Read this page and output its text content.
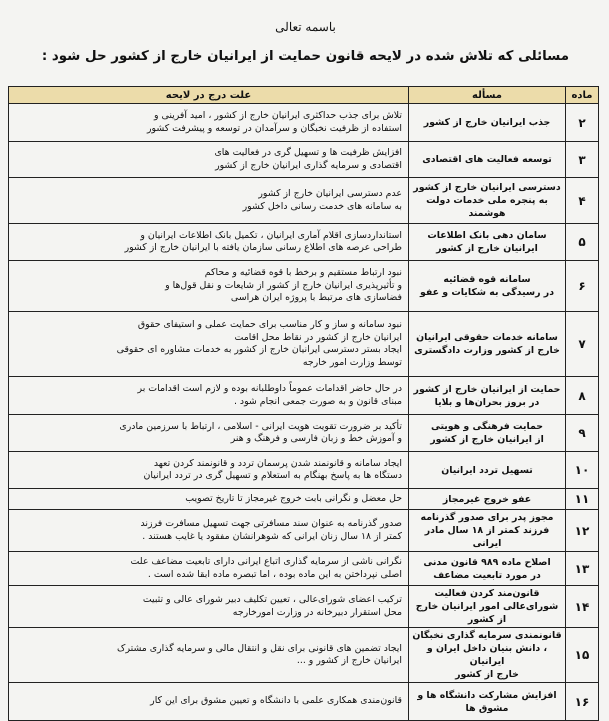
باسمه تعالی
مسائلی که تلاش شده در لایحه قانون حمایت از ایرانیان خارج از کشور حل شود :
ماده	مسأله	علت درج در لایحه
۲	جذب ایرانیان خارج از کشور	تلاش برای جذب حداکثری ایرانیان خارج از کشور ، امید آفرینی و
استفاده از ظرفیت نخبگان و سرآمدان در توسعه و پیشرفت کشور
۳	توسعه فعالیت های اقتصادی	افزایش ظرفیت ها و تسهیل گری در فعالیت های
اقتصادی و سرمایه گذاری ایرانیان خارج از کشور
۴	دسترسی ایرانیان خارج از کشور
به پنجره ملی خدمات دولت
هوشمند	عدم دسترسی ایرانیان خارج از کشور
به سامانه های خدمت رسانی داخل کشور
۵	سامان دهی بانک اطلاعات
ایرانیان خارج از کشور	استانداردسازی اقلام آماری ایرانیان ، تکمیل بانک اطلاعات ایرانیان و
طراحی عرصه های اطلاع رسانی سازمان یافته با ایرانیان خارج از کشور
۶	سامانه قوه قضائیه
در رسیدگی به شکایات و عفو	نبود ارتباط مستقیم و برخط با قوه قضائیه و محاکم
و تأثیرپذیری ایرانیان خارج از کشور از شایعات و نقل قول‌ها و
فضاسازی های مرتبط با پروژه ایران هراسی
۷	سامانه خدمات حقوقی ایرانیان
خارج از کشور وزارت دادگستری	نبود سامانه و ساز و کار مناسب برای حمایت عملی و استیفای حقوق
ایرانیان خارج از کشور در نقاط محل اقامت
ایجاد بستر دسترسی ایرانیان خارج از کشور به خدمات مشاوره ای حقوقی
توسط وزارت امور خارجه
۸	حمایت از ایرانیان خارج از کشور
در بروز بحران‌ها و بلایا	در حال حاضر اقدامات عموماً داوطلبانه بوده و لازم است اقدامات بر
مبنای قانون و به صورت جمعی انجام شود .
۹	حمایت فرهنگی و هویتی
از ایرانیان خارج از کشور	تأکید بر ضرورت تقویت هویت ایرانی - اسلامی ، ارتباط با سرزمین مادری
و آموزش خط و زبان فارسی و فرهنگ و هنر
۱۰	تسهیل تردد ایرانیان	ایجاد سامانه و قانونمند شدن پرسمان تردد و قانونمند کردن تعهد
دستگاه ها به پاسخ بهنگام به استعلام و تسهیل گری در تردد ایرانیان
۱۱	عفو خروج غیرمجاز	حل معضل و نگرانی بابت خروج غیرمجاز تا تاریخ تصویب
۱۲	مجوز پدر برای صدور گذرنامه
فرزند کمتر از ۱۸ سال مادر ایرانی	صدور گذرنامه به عنوان سند مسافرتی جهت تسهیل مسافرت فرزند
کمتر از ۱۸ سال زنان ایرانی که شوهرانشان مفقود یا غایب هستند .
۱۳	اصلاح ماده ۹۸۹ قانون مدنی
در مورد تابعیت مضاعف	نگرانی ناشی از سرمایه گذاری اتباع ایرانی دارای تابعیت مضاعف علت
اصلی نپرداختن به این ماده بوده ، اما تبصره ماده ابقا شده است .
۱۴	قانون‌مند کردن فعالیت
شورای‌عالی امور ایرانیان خارج از کشور	ترکیب اعضای شورای‌عالی ، تعیین تکلیف دبیر شورای عالی و تثبیت
محل استقرار دبیرخانه در وزارت امورخارجه
۱۵	قانونمندی سرمایه گذاری نخبگان
، دانش بنیان داخل ایران و ایرانیان
خارج از کشور	ایجاد تضمین های قانونی برای نقل و انتقال مالی و سرمایه گذاری مشترک
ایرانیان خارج از کشور و ...
۱۶	افزایش مشارکت دانشگاه ها و
مشوق ها	قانون‌مندی همکاری علمی با دانشگاه و تعیین مشوق برای این کار
